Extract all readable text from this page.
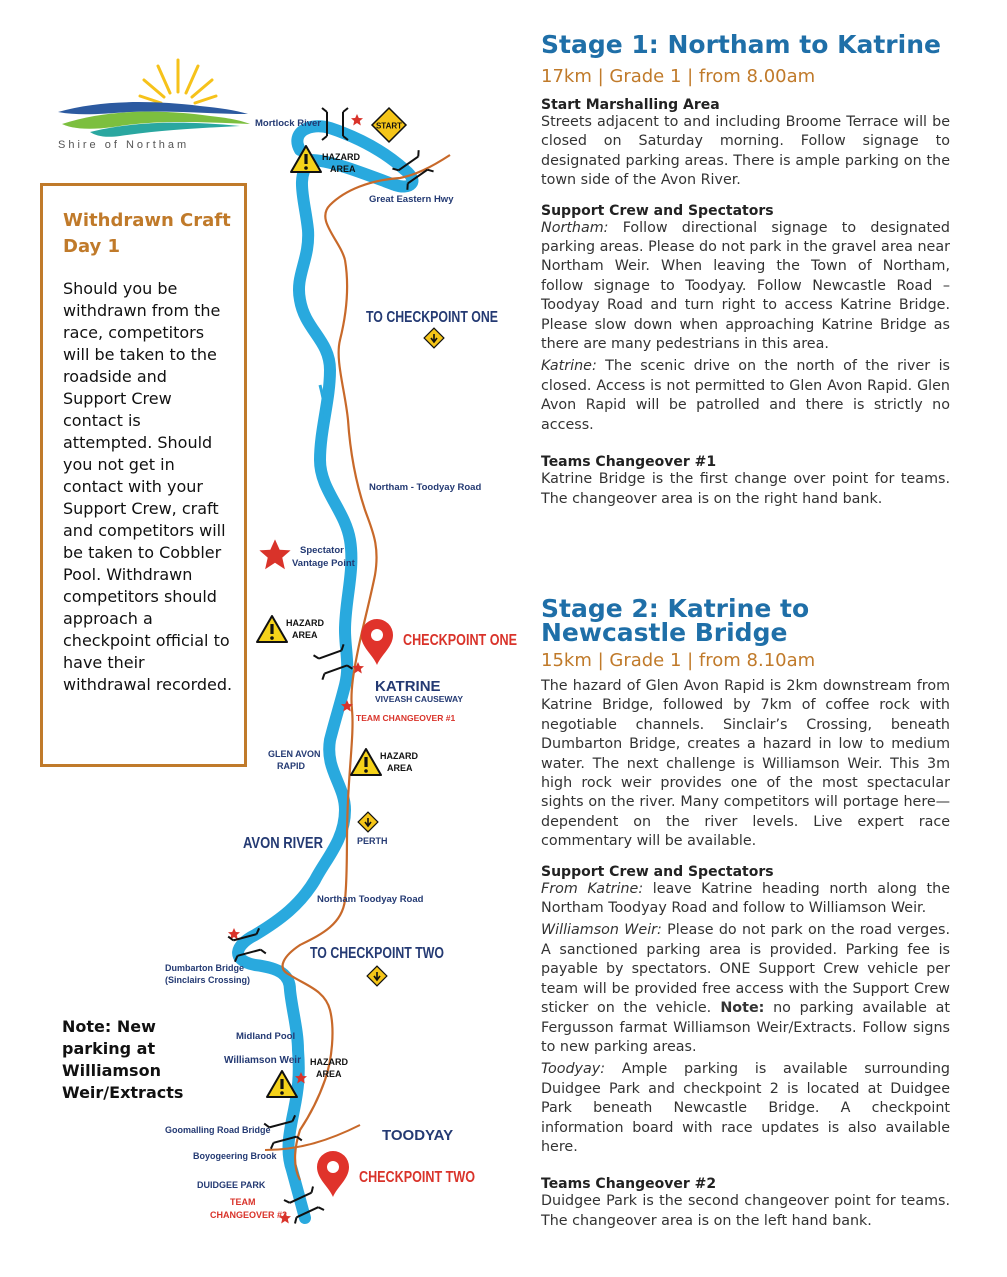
START
Mortlock River
HAZARD
AREA
Great Eastern Hwy
TO CHECKPOINT ONE
Northam - Toodyay Road
Spectator
Vantage Point
HAZARD
AREA	CHECKPOINT ONE
KATRINE
VIVEASH CAUSEWAY
TEAM CHANGEOVER #1
GLEN AVON
RAPID
HAZARD
AREA
AVON RIVER	PERTH
Northam Toodyay Road
TO CHECKPOINT TWO
Dumbarton Bridge
(Sinclairs Crossing)
Midland Pool
Williamson Weir HAZARD
AREA
Goomalling Road Bridge	TOODYAY
Boyogeering Brook
CHECKPOINT TWO
DUIDGEE PARK
TEAM
CHANGEOVER #2
Shire of Northam
Withdrawn Craft Day 1

Should you be withdrawn from the race, competitors will be taken to the roadside and Support Crew contact is attempted. Should you not get in contact with your Support Crew, craft and competitors will be taken to Cobbler Pool. Withdrawn competitors should approach a checkpoint official to have their withdrawal recorded.

Note: New parking at Williamson Weir/Extracts
Stage 1: Northam to Katrine
17km | Grade 1 | from 8.00am
Start Marshalling Area

Streets adjacent to and including Broome Terrace will be closed on Saturday morning. Follow signage to designated parking areas. There is ample parking on the town side of the Avon River.

Support Crew and Spectators

Northam: Follow directional signage to designated parking areas. Please do not park in the gravel area near Northam Weir. When leaving the Town of Northam, follow signage to Toodyay. Follow Newcastle Road – Toodyay Road and turn right to access Katrine Bridge. Please slow down when approaching Katrine Bridge as there are many pedestrians in this area.

Katrine: The scenic drive on the north of the river is closed. Access is not permitted to Glen Avon Rapid. Glen Avon Rapid will be patrolled and there is strictly no access.

Teams Changeover #1

Katrine Bridge is the first change over point for teams. The changeover area is on the right hand bank.

Stage 2: Katrine to Newcastle Bridge
15km | Grade 1 | from 8.10am

The hazard of Glen Avon Rapid is 2km downstream from Katrine Bridge, followed by 7km of coffee rock with negotiable channels. Sinclair’s Crossing, beneath Dumbarton Bridge, creates a hazard in low to medium water. The next challenge is Williamson Weir. This 3m high rock weir provides one of the most spectacular sights on the river. Many competitors will portage here—dependent on the river levels. Live expert race commentary will be available.

Support Crew and Spectators

From Katrine: leave Katrine heading north along the Northam Toodyay Road and follow to Williamson Weir.

Williamson Weir: Please do not park on the road verges. A sanctioned parking area is provided. Parking fee is payable by spectators. ONE Support Crew vehicle per team will be provided free access with the Support Crew sticker on the vehicle. Note: no parking available at Fergusson farmat Williamson Weir/Extracts. Follow signs to new parking areas.

Toodyay: Ample parking is available surrounding Duidgee Park and checkpoint 2 is located at Duidgee Park beneath Newcastle Bridge. A checkpoint information board with race updates is also available here.

Teams Changeover #2

Duidgee Park is the second changeover point for teams. The changeover area is on the left hand bank.
